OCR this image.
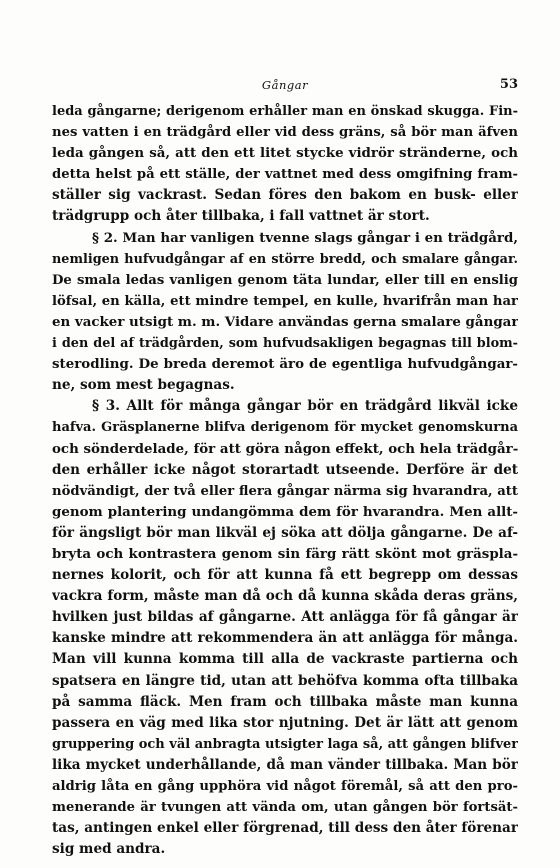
Gångar	53
leda gångarne; derigenom erhåller man en önskad skugga. Fin-
nes vatten i en trädgård eller vid dess gräns, så bör man äfven
leda gången så, att den ett litet stycke vidrör stränderne, och
detta helst på ett ställe, der vattnet med dess omgifning fram-
ställer sig vackrast. Sedan föres den bakom en busk- eller
trädgrupp och åter tillbaka, i fall vattnet är stort.
§ 2. Man har vanligen tvenne slags gångar i en trädgård,
nemligen hufvudgångar af en större bredd, och smalare gångar.
De smala ledas vanligen genom täta lundar, eller till en enslig
löfsal, en källa, ett mindre tempel, en kulle, hvarifrån man har
en vacker utsigt m. m. Vidare användas gerna smalare gångar
i den del af trädgården, som hufvudsakligen begagnas till blom-
sterodling. De breda deremot äro de egentliga hufvudgångar-
ne, som mest begagnas.
§ 3. Allt för många gångar bör en trädgård likväl icke
hafva. Gräsplanerne blifva derigenom för mycket genomskurna
och sönderdelade, för att göra någon effekt, och hela trädgår-
den erhåller icke något storartadt utseende. Derföre är det
nödvändigt, der två eller flera gångar närma sig hvarandra, att
genom plantering undangömma dem för hvarandra. Men allt-
för ängsligt bör man likväl ej söka att dölja gångarne. De af-
bryta och kontrastera genom sin färg rätt skönt mot gräspla-
nernes kolorit, och för att kunna få ett begrepp om dessas
vackra form, måste man då och då kunna skåda deras gräns,
hvilken just bildas af gångarne. Att anlägga för få gångar är
kanske mindre att rekommendera än att anlägga för många.
Man vill kunna komma till alla de vackraste partierna och
spatsera en längre tid, utan att behöfva komma ofta tillbaka
på samma fläck. Men fram och tillbaka måste man kunna
passera en väg med lika stor njutning. Det är lätt att genom
gruppering och väl anbragta utsigter laga så, att gången blifver
lika mycket underhållande, då man vänder tillbaka. Man bör
aldrig låta en gång upphöra vid något föremål, så att den pro-
menerande är tvungen att vända om, utan gången bör fortsät-
tas, antingen enkel eller förgrenad, till dess den åter förenar
sig med andra.
